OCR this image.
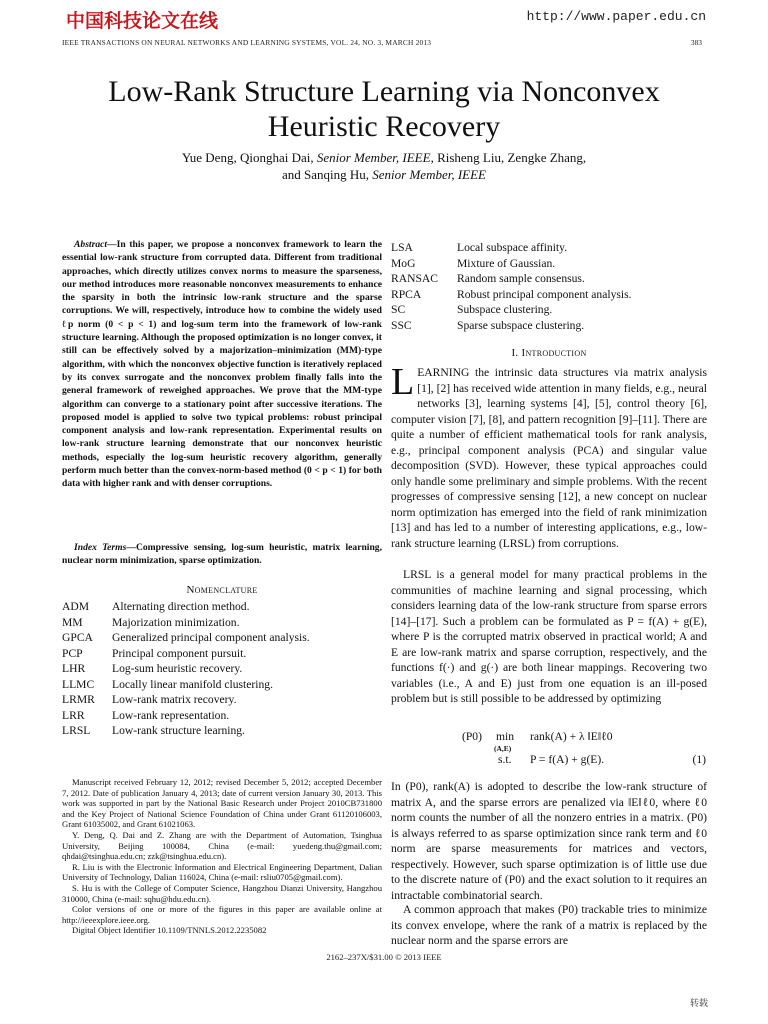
中国科技论文在线	http://www.paper.edu.cn
IEEE TRANSACTIONS ON NEURAL NETWORKS AND LEARNING SYSTEMS, VOL. 24, NO. 3, MARCH 2013	383
Low-Rank Structure Learning via Nonconvex
Heuristic Recovery
Yue Deng, Qionghai Dai, Senior Member, IEEE, Risheng Liu, Zengke Zhang,
and Sanqing Hu, Senior Member, IEEE
Abstract—In this paper, we propose a nonconvex framework to learn the essential low-rank structure from corrupted data. Different from traditional approaches, which directly utilizes convex norms to measure the sparseness, our method introduces more reasonable nonconvex measurements to enhance the sparsity in both the intrinsic low-rank structure and the sparse corruptions. We will, respectively, introduce how to combine the widely used ℓp norm (0 < p < 1) and log-sum term into the framework of low-rank structure learning. Although the proposed optimization is no longer convex, it still can be effectively solved by a majorization–minimization (MM)-type algorithm, with which the nonconvex objective function is iteratively replaced by its convex surrogate and the nonconvex problem finally falls into the general framework of reweighed approaches. We prove that the MM-type algorithm can converge to a stationary point after successive iterations. The proposed model is applied to solve two typical problems: robust principal component analysis and low-rank representation. Experimental results on low-rank structure learning demonstrate that our nonconvex heuristic methods, especially the log-sum heuristic recovery algorithm, generally perform much better than the convex-norm-based method (0 < p < 1) for both data with higher rank and with denser corruptions.
Index Terms—Compressive sensing, log-sum heuristic, matrix learning, nuclear norm minimization, sparse optimization.
Nomenclature
ADM	Alternating direction method.
MM	Majorization minimization.
GPCA	Generalized principal component analysis.
PCP	Principal component pursuit.
LHR	Log-sum heuristic recovery.
LLMC	Locally linear manifold clustering.
LRMR	Low-rank matrix recovery.
LRR	Low-rank representation.
LRSL	Low-rank structure learning.

Manuscript received February 12, 2012; revised December 5, 2012; accepted December 7, 2012. Date of publication January 4, 2013; date of current version January 30, 2013. This work was supported in part by the National Basic Research under Project 2010CB731800 and the Key Project of National Science Foundation of China under Grant 61120106003, Grant 61035002, and Grant 61021063.

Y. Deng, Q. Dai and Z. Zhang are with the Department of Automation, Tsinghua University, Beijing 100084, China (e-mail: yuedeng.thu@gmail.com; qhdai@tsinghua.edu.cn; zzk@tsinghua.edu.cn).

R. Liu is with the Electronic Information and Electrical Engineering Department, Dalian University of Technology, Dalian 116024, China (e-mail: rsliu0705@gmail.com).

S. Hu is with the College of Computer Science, Hangzhou Dianzi University, Hangzhou 310000, China (e-mail: sqhu@hdu.edu.cn).

Color versions of one or more of the figures in this paper are available online at http://ieeexplore.ieee.org.

Digital Object Identifier 10.1109/TNNLS.2012.2235082

LSA	Local subspace affinity.
MoG	Mixture of Gaussian.
RANSAC	Random sample consensus.
RPCA	Robust principal component analysis.
SC	Subspace clustering.
SSC	Sparse subspace clustering.
I. Introduction
LEARNING the intrinsic data structures via matrix analysis [1], [2] has received wide attention in many fields, e.g., neural networks [3], learning systems [4], [5], control theory [6], computer vision [7], [8], and pattern recognition [9]–[11]. There are quite a number of efficient mathematical tools for rank analysis, e.g., principal component analysis (PCA) and singular value decomposition (SVD). However, these typical approaches could only handle some preliminary and simple problems. With the recent progresses of compressive sensing [12], a new concept on nuclear norm optimization has emerged into the field of rank minimization [13] and has led to a number of interesting applications, e.g., low-rank structure learning (LRSL) from corruptions.
LRSL is a general model for many practical problems in the communities of machine learning and signal processing, which considers learning data of the low-rank structure from sparse errors [14]–[17]. Such a problem can be formulated as P = f(A) + g(E), where P is the corrupted matrix observed in practical world; A and E are low-rank matrix and sparse corruption, respectively, and the functions f(·) and g(·) are both linear mappings. Recovering two variables (i.e., A and E) just from one equation is an ill-posed problem but is still possible to be addressed by optimizing
(P0) min
(A,E)
rank(A) + λ ‖E‖ℓ0
s.t. P = f(A) + g(E).	(1)
In (P0), rank(A) is adopted to describe the low-rank structure of matrix A, and the sparse errors are penalized via ‖E‖ℓ0, where ℓ0 norm counts the number of all the nonzero entries in a matrix. (P0) is always referred to as sparse optimization since rank term and ℓ0 norm are sparse measurements for matrices and vectors, respectively. However, such sparse optimization is of little use due to the discrete nature of (P0) and the exact solution to it requires an intractable combinatorial search.
A common approach that makes (P0) trackable tries to minimize its convex envelope, where the rank of a matrix is replaced by the nuclear norm and the sparse errors are
2162–237X/$31.00 © 2013 IEEE
转载
